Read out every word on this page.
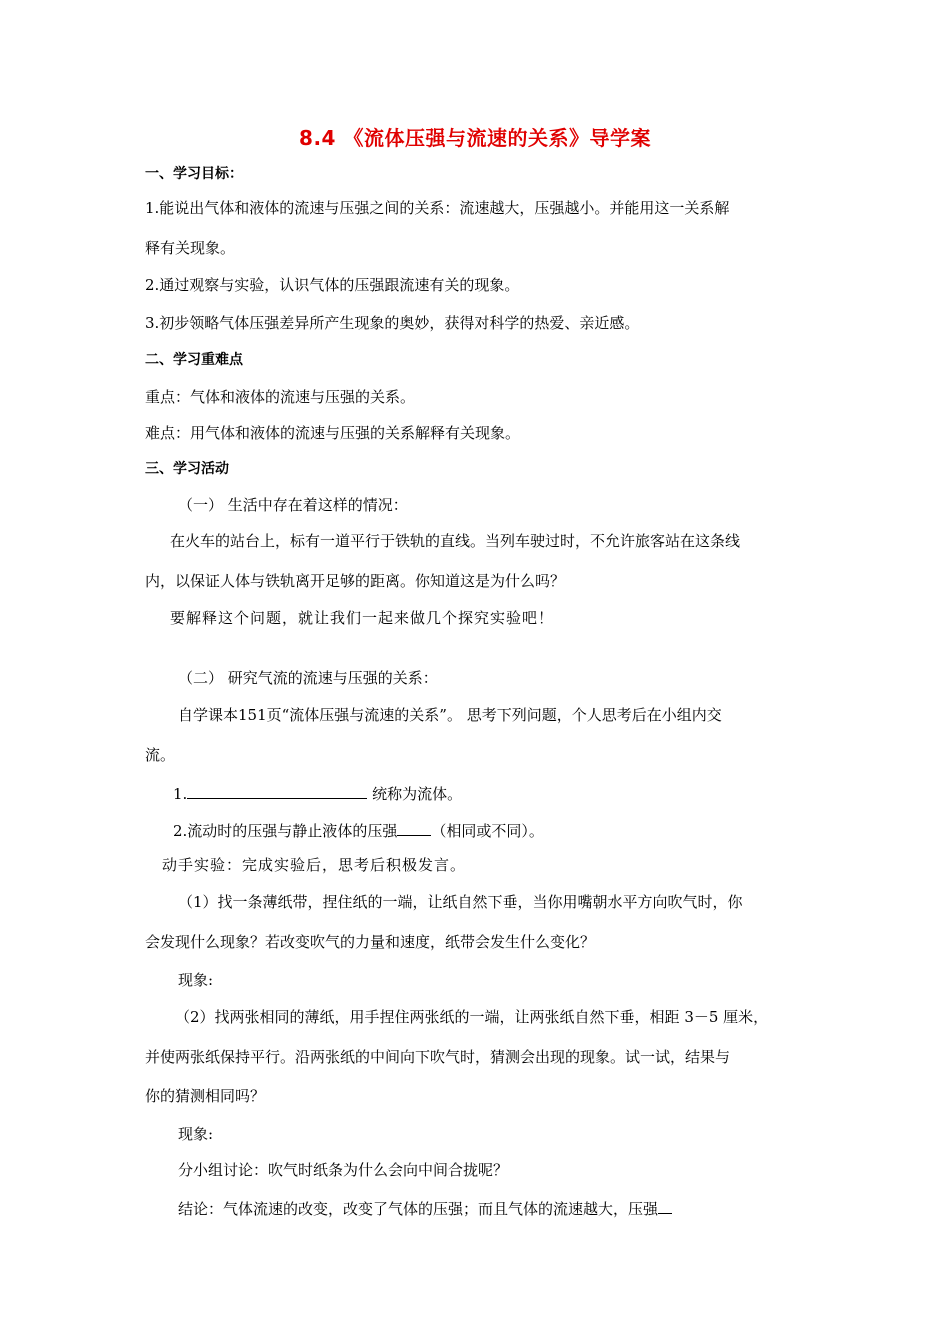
8.4 《流体压强与流速的关系》导学案
一、学习目标：
1.能说出气体和液体的流速与压强之间的关系：流速越大，压强越小。并能用这一关系解
释有关现象。
2.通过观察与实验，认识气体的压强跟流速有关的现象。
3.初步领略气体压强差异所产生现象的奥妙，获得对科学的热爱、亲近感。
二、学习重难点
重点：气体和液体的流速与压强的关系。
难点：用气体和液体的流速与压强的关系解释有关现象。
三、学习活动
（一） 生活中存在着这样的情况：
在火车的站台上，标有一道平行于铁轨的直线。当列车驶过时，不允许旅客站在这条线
内，以保证人体与铁轨离开足够的距离。你知道这是为什么吗？
要解释这个问题，就让我们一起来做几个探究实验吧！
（二） 研究气流的流速与压强的关系：
自学课本151页“流体压强与流速的关系”。 思考下列问题，个人思考后在小组内交
流。
1.	统称为流体。
2.流动时的压强与静止液体的压强 （相同或不同）。
动手实验：完成实验后，思考后积极发言。
（1）找一条薄纸带，捏住纸的一端，让纸自然下垂，当你用嘴朝水平方向吹气时，你
会发现什么现象？若改变吹气的力量和速度，纸带会发生什么变化？
现象:
（2）找两张相同的薄纸，用手捏住两张纸的一端，让两张纸自然下垂，相距 3－5 厘米，
并使两张纸保持平行。沿两张纸的中间向下吹气时，猜测会出现的现象。试一试，结果与
你的猜测相同吗？
现象:
分小组讨论：吹气时纸条为什么会向中间合拢呢？
结论：气体流速的改变，改变了气体的压强；而且气体的流速越大，压强
